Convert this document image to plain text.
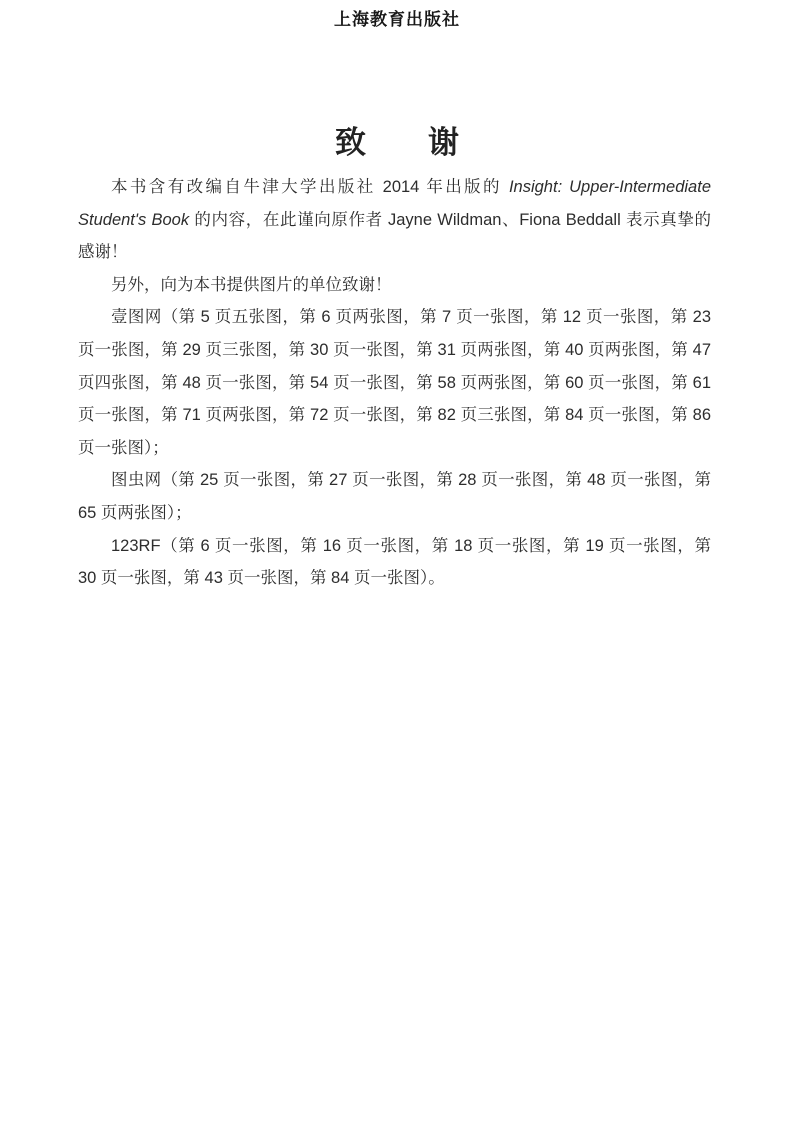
上海教育出版社
致　　谢

本书含有改编自牛津大学出版社 2014 年出版的 Insight: Upper-Intermediate Student's Book 的内容，在此谨向原作者 Jayne Wildman、Fiona Beddall 表示真挚的感谢！

另外，向为本书提供图片的单位致谢！

壹图网（第 5 页五张图，第 6 页两张图，第 7 页一张图，第 12 页一张图，第 23 页一张图，第 29 页三张图，第 30 页一张图，第 31 页两张图，第 40 页两张图，第 47 页四张图，第 48 页一张图，第 54 页一张图，第 58 页两张图，第 60 页一张图，第 61 页一张图，第 71 页两张图，第 72 页一张图，第 82 页三张图，第 84 页一张图，第 86 页一张图）；

图虫网（第 25 页一张图，第 27 页一张图，第 28 页一张图，第 48 页一张图，第 65 页两张图）；

123RF（第 6 页一张图，第 16 页一张图，第 18 页一张图，第 19 页一张图，第 30 页一张图，第 43 页一张图，第 84 页一张图）。
